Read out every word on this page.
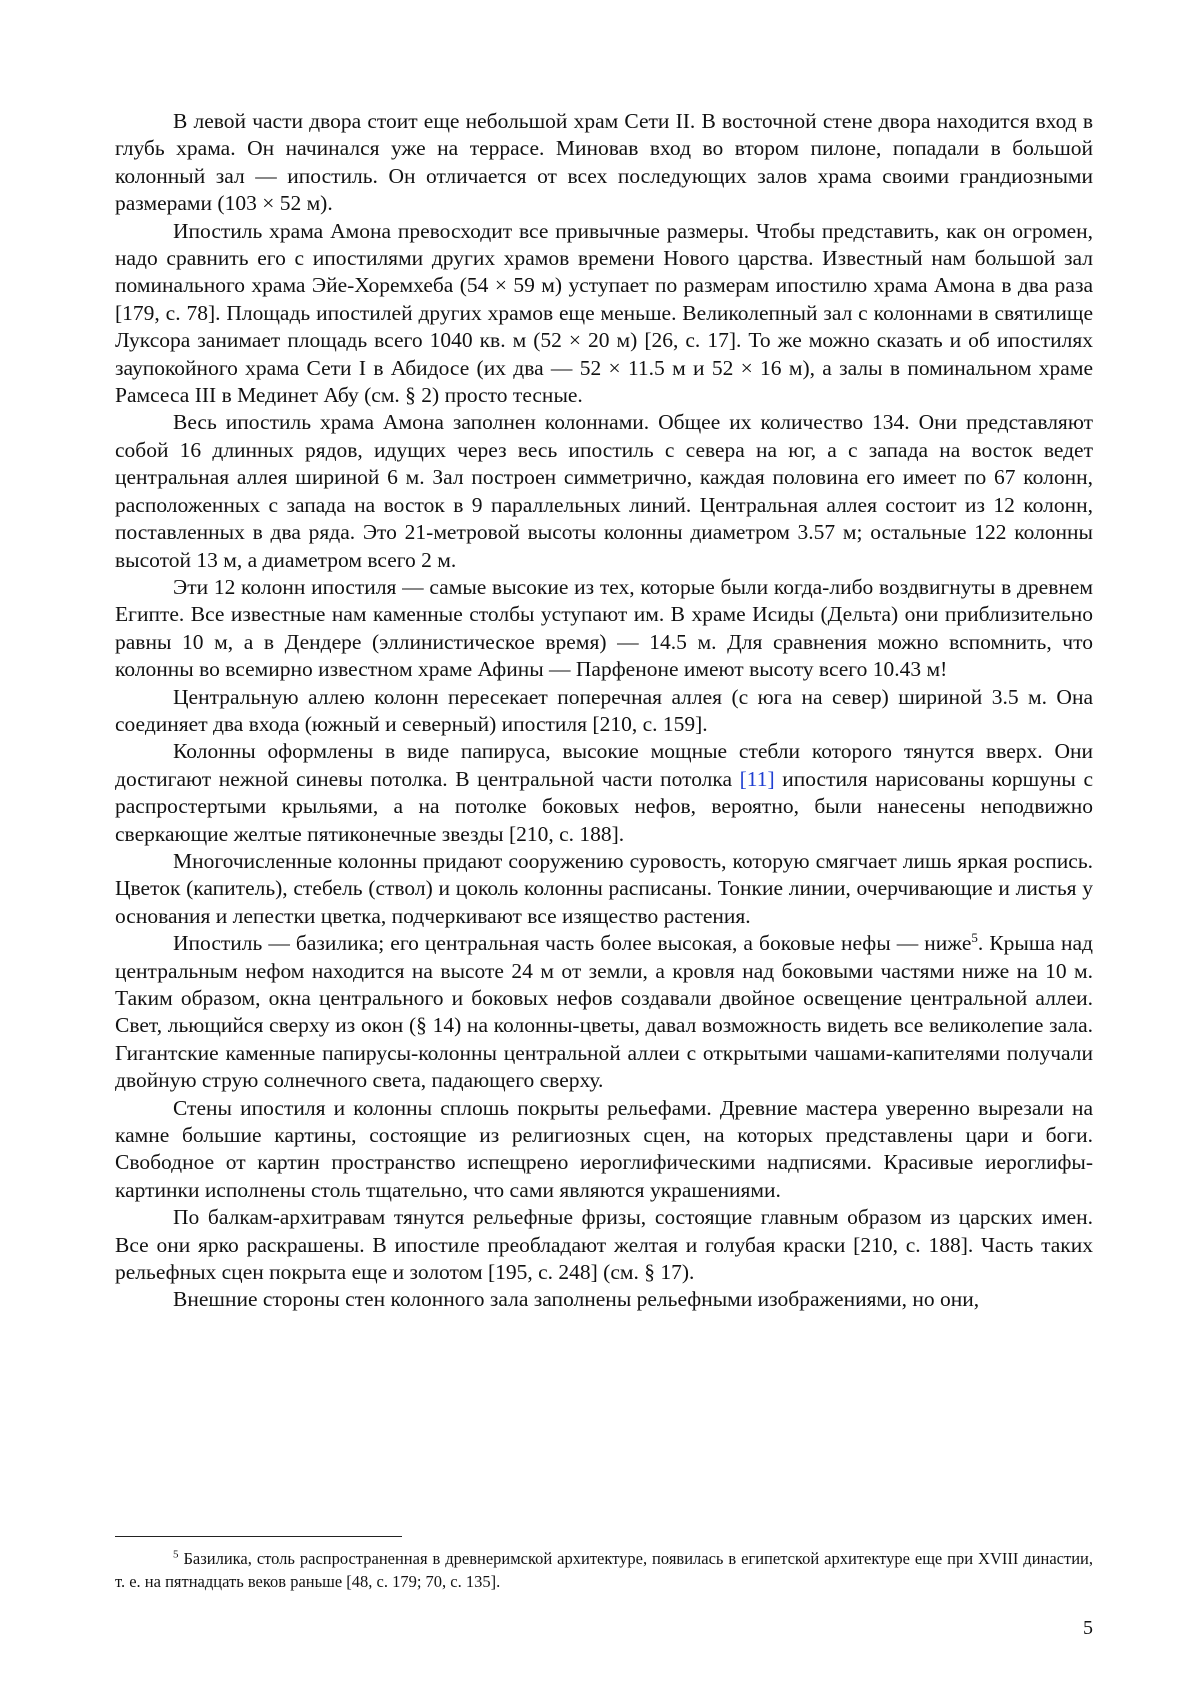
В левой части двора стоит еще небольшой храм Сети II. В восточной стене двора находится вход в глубь храма. Он начинался уже на террасе. Миновав вход во втором пилоне, попадали в большой колонный зал — ипостиль. Он отличается от всех последующих залов храма своими грандиозными размерами (103 × 52 м).

Ипостиль храма Амона превосходит все привычные размеры. Чтобы представить, как он огромен, надо сравнить его с ипостилями других храмов времени Нового царства. Известный нам большой зал поминального храма Эйе-Хоремхеба (54 × 59 м) уступает по размерам ипостилю храма Амона в два раза [179, с. 78]. Площадь ипостилей других храмов еще меньше. Великолепный зал с колоннами в святилище Луксора занимает площадь всего 1040 кв. м (52 × 20 м) [26, с. 17]. То же можно сказать и об ипостилях заупокойного храма Сети I в Абидосе (их два — 52 × 11.5 м и 52 × 16 м), а залы в поминальном храме Рамсеса III в Мединет Абу (см. § 2) просто тесные.

Весь ипостиль храма Амона заполнен колоннами. Общее их количество 134. Они представляют собой 16 длинных рядов, идущих через весь ипостиль с севера на юг, а с запада на восток ведет центральная аллея шириной 6 м. Зал построен симметрично, каждая половина его имеет по 67 колонн, расположенных с запада на восток в 9 параллельных линий. Центральная аллея состоит из 12 колонн, поставленных в два ряда. Это 21-метровой высоты колонны диаметром 3.57 м; остальные 122 колонны высотой 13 м, а диаметром всего 2 м.

Эти 12 колонн ипостиля — самые высокие из тех, которые были когда-либо воздвигнуты в древнем Египте. Все известные нам каменные столбы уступают им. В храме Исиды (Дельта) они приблизительно равны 10 м, а в Дендере (эллинистическое время) — 14.5 м. Для сравнения можно вспомнить, что колонны во всемирно известном храме Афины — Парфеноне имеют высоту всего 10.43 м!

Центральную аллею колонн пересекает поперечная аллея (с юга на север) шириной 3.5 м. Она соединяет два входа (южный и северный) ипостиля [210, с. 159].

Колонны оформлены в виде папируса, высокие мощные стебли которого тянутся вверх. Они достигают нежной синевы потолка. В центральной части потолка [11] ипостиля нарисованы коршуны с распростертыми крыльями, а на потолке боковых нефов, вероятно, были нанесены неподвижно сверкающие желтые пятиконечные звезды [210, с. 188].

Многочисленные колонны придают сооружению суровость, которую смягчает лишь яркая роспись. Цветок (капитель), стебель (ствол) и цоколь колонны расписаны. Тонкие линии, очерчивающие и листья у основания и лепестки цветка, подчеркивают все изящество растения.

Ипостиль — базилика; его центральная часть более высокая, а боковые нефы — ниже$^5$. Крыша над центральным нефом находится на высоте 24 м от земли, а кровля над боковыми частями ниже на 10 м. Таким образом, окна центрального и боковых нефов создавали двойное освещение центральной аллеи. Свет, льющийся сверху из окон (§ 14) на колонны-цветы, давал возможность видеть все великолепие зала. Гигантские каменные папирусы-колонны центральной аллеи с открытыми чашами-капителями получали двойную струю солнечного света, падающего сверху.

Стены ипостиля и колонны сплошь покрыты рельефами. Древние мастера уверенно вырезали на камне большие картины, состоящие из религиозных сцен, на которых представлены цари и боги. Свободное от картин пространство испещрено иероглифическими надписями. Красивые иероглифы-картинки исполнены столь тщательно, что сами являются украшениями.

По балкам-архитравам тянутся рельефные фризы, состоящие главным образом из царских имен. Все они ярко раскрашены. В ипостиле преобладают желтая и голубая краски [210, с. 188]. Часть таких рельефных сцен покрыта еще и золотом [195, с. 248] (см. § 17).

Внешние стороны стен колонного зала заполнены рельефными изображениями, но они,

$^5$ Базилика, столь распространенная в древнеримской архитектуре, появилась в египетской архитектуре еще при XVIII династии, т. е. на пятнадцать веков раньше [48, с. 179; 70, с. 135].
5
